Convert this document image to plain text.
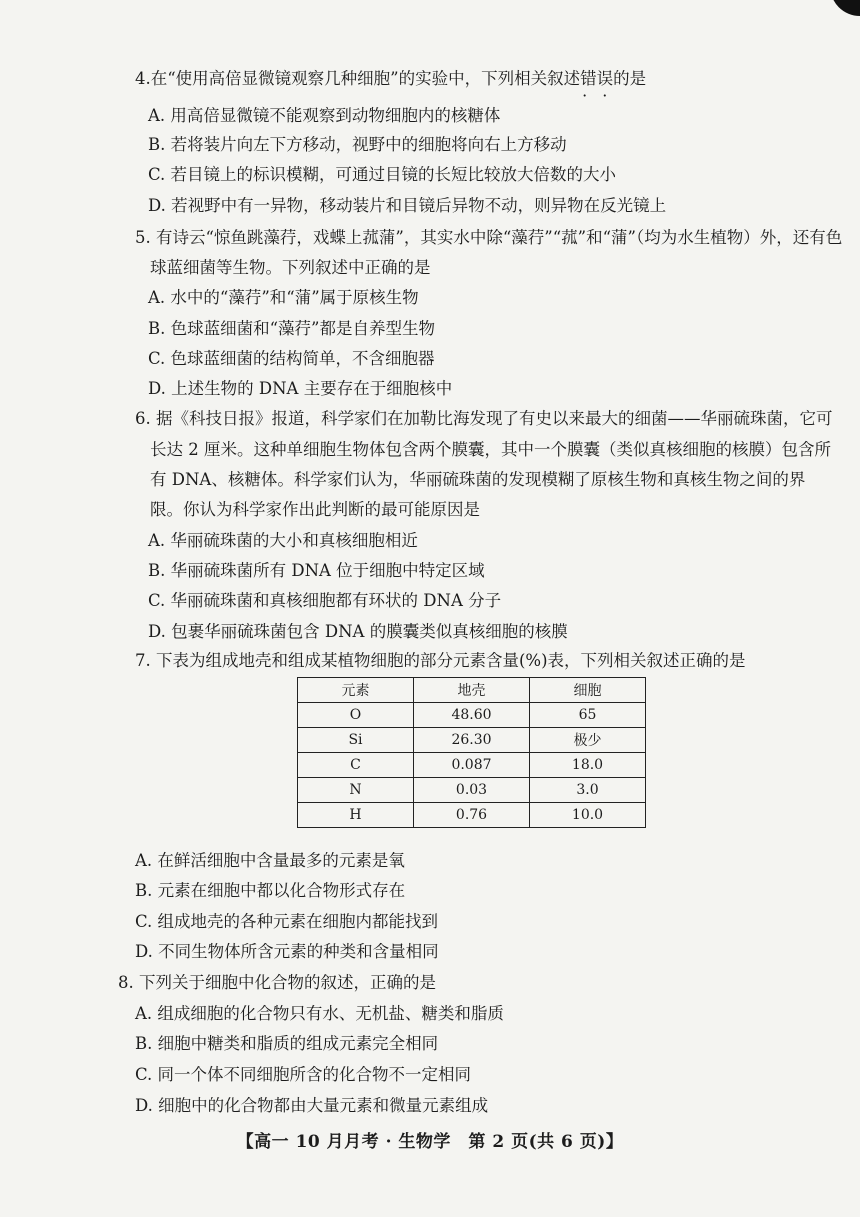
4.在“使用高倍显微镜观察几种细胞”的实验中，下列相关叙述错误 · ·的是
A. 用高倍显微镜不能观察到动物细胞内的核糖体
B. 若将装片向左下方移动，视野中的细胞将向右上方移动
C. 若目镜上的标识模糊，可通过目镜的长短比较放大倍数的大小
D. 若视野中有一异物，移动装片和目镜后异物不动，则异物在反光镜上
5. 有诗云“惊鱼跳藻荇，戏蝶上菰蒲”，其实水中除“藻荇”“菰”和“蒲”（均为水生植物）外，还有色
球蓝细菌等生物。下列叙述中正确的是
A. 水中的“藻荇”和“蒲”属于原核生物
B. 色球蓝细菌和“藻荇”都是自养型生物
C. 色球蓝细菌的结构简单，不含细胞器
D. 上述生物的 DNA 主要存在于细胞核中
6. 据《科技日报》报道，科学家们在加勒比海发现了有史以来最大的细菌——华丽硫珠菌，它可
长达 2 厘米。这种单细胞生物体包含两个膜囊，其中一个膜囊（类似真核细胞的核膜）包含所
有 DNA、核糖体。科学家们认为，华丽硫珠菌的发现模糊了原核生物和真核生物之间的界
限。你认为科学家作出此判断的最可能原因是
A. 华丽硫珠菌的大小和真核细胞相近
B. 华丽硫珠菌所有 DNA 位于细胞中特定区域
C. 华丽硫珠菌和真核细胞都有环状的 DNA 分子
D. 包裹华丽硫珠菌包含 DNA 的膜囊类似真核细胞的核膜
7. 下表为组成地壳和组成某植物细胞的部分元素含量(%)表，下列相关叙述正确的是
元素	地壳	细胞
O	48.60	65
Si	26.30	极少
C	0.087	18.0
N	0.03	3.0
H	0.76	10.0
A. 在鲜活细胞中含量最多的元素是氧
B. 元素在细胞中都以化合物形式存在
C. 组成地壳的各种元素在细胞内都能找到
D. 不同生物体所含元素的种类和含量相同
8. 下列关于细胞中化合物的叙述，正确的是
A. 组成细胞的化合物只有水、无机盐、糖类和脂质
B. 细胞中糖类和脂质的组成元素完全相同
C. 同一个体不同细胞所含的化合物不一定相同
D. 细胞中的化合物都由大量元素和微量元素组成
【高一 10 月月考 · 生物学　第 2 页(共 6 页)】
